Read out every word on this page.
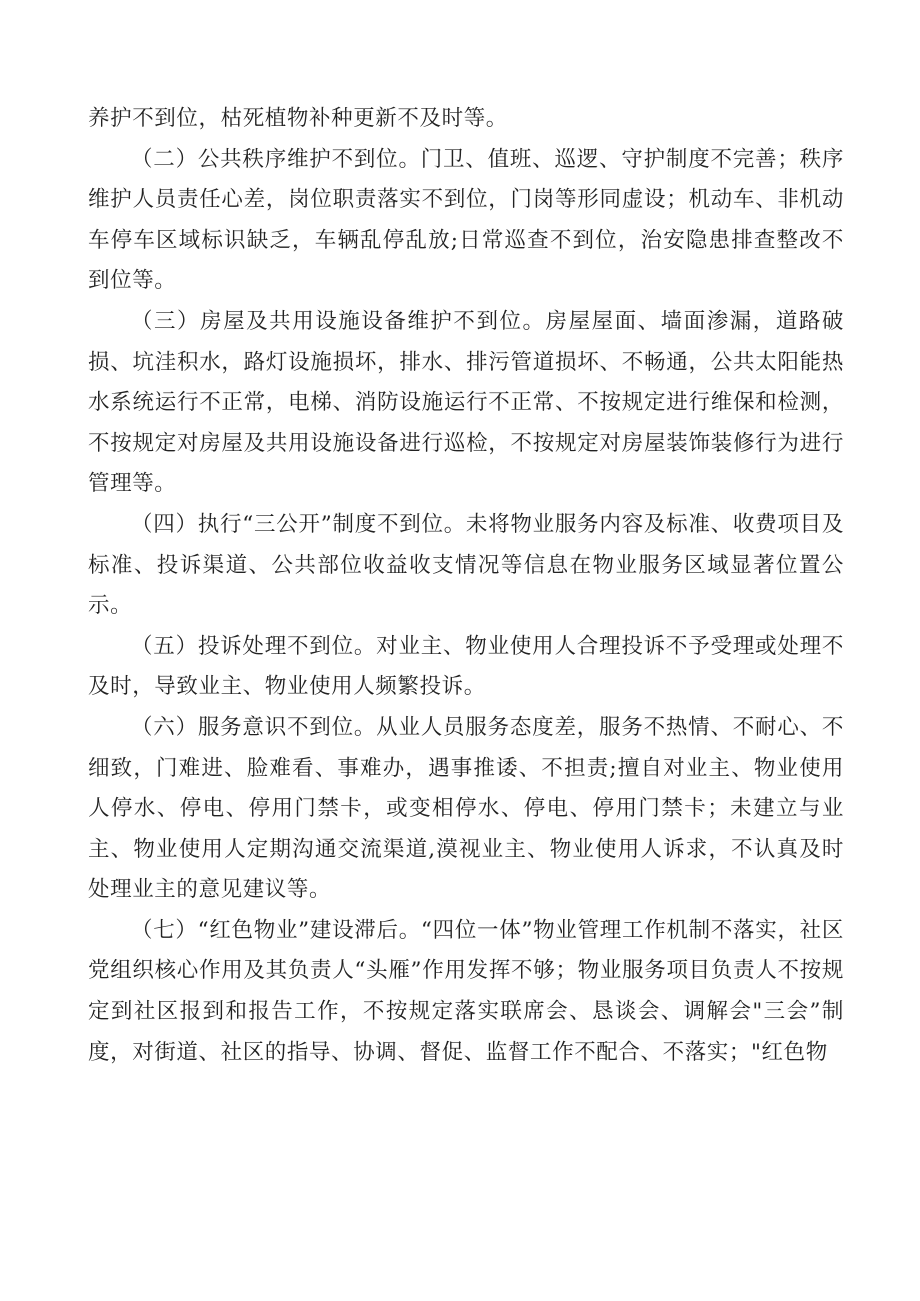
养护不到位，枯死植物补种更新不及时等。

（二）公共秩序维护不到位。门卫、值班、巡逻、守护制度不完善；秩序维护人员责任心差，岗位职责落实不到位，门岗等形同虚设；机动车、非机动车停车区域标识缺乏，车辆乱停乱放;日常巡查不到位，治安隐患排查整改不到位等。

（三）房屋及共用设施设备维护不到位。房屋屋面、墙面渗漏，道路破损、坑洼积水，路灯设施损坏，排水、排污管道损坏、不畅通，公共太阳能热水系统运行不正常，电梯、消防设施运行不正常、不按规定进行维保和检测，不按规定对房屋及共用设施设备进行巡检，不按规定对房屋装饰装修行为进行管理等。

（四）执行“三公开”制度不到位。未将物业服务内容及标准、收费项目及标准、投诉渠道、公共部位收益收支情况等信息在物业服务区域显著位置公示。

（五）投诉处理不到位。对业主、物业使用人合理投诉不予受理或处理不及时，导致业主、物业使用人频繁投诉。

（六）服务意识不到位。从业人员服务态度差，服务不热情、不耐心、不细致，门难进、脸难看、事难办，遇事推诿、不担责;擅自对业主、物业使用人停水、停电、停用门禁卡，或变相停水、停电、停用门禁卡；未建立与业主、物业使用人定期沟通交流渠道,漠视业主、物业使用人诉求，不认真及时处理业主的意见建议等。

（七）“红色物业”建设滞后。“四位一体”物业管理工作机制不落实，社区党组织核心作用及其负责人“头雁”作用发挥不够；物业服务项目负责人不按规定到社区报到和报告工作，不按规定落实联席会、恳谈会、调解会"三会”制度，对街道、社区的指导、协调、督促、监督工作不配合、不落实；"红色物
